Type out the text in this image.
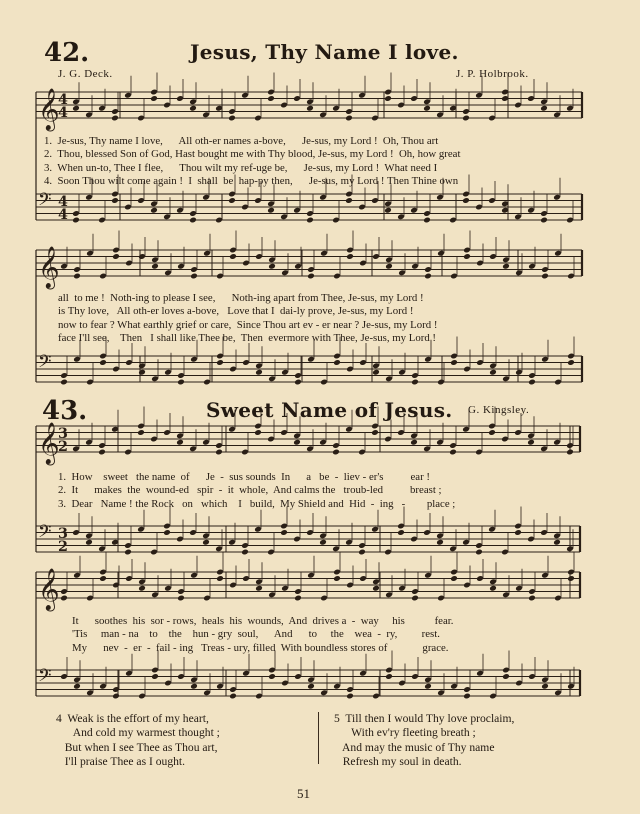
42.	Jesus, Thy Name I love.
J. G. Deck.	J. P. Holbrook.
𝄞
4
4
𝄢 4
4
𝄞
𝄢
𝄞
3
2
𝄢 3
2
𝄞
𝄢
1.  Je-sus, Thy name I love,      All oth-er names a-bove,      Je-sus, my Lord !  Oh, Thou art
2.  Thou, blessed Son of God, Hast bought me with Thy blood, Je-sus, my Lord !  Oh, how great
3.  When un-to, Thee I flee,      Thou wilt my ref-uge be,      Je-sus, my Lord !  What need I
4.  Soon Thou wilt come again !  I  shall  be  hap-py then,      Je-sus, my Lord ! Then Thine own
all  to me !  Noth-ing to please I see,      Noth-ing apart from Thee, Je-sus, my Lord !
is Thy love,   All oth-er loves a-bove,   Love that I  dai-ly prove, Je-sus, my Lord !
now to fear ? What earthly grief or care,  Since Thou art ev - er near ? Je-sus, my Lord !
face I'll see,    Then   I shall like Thee be,  Then  evermore with Thee, Je-sus, my Lord !
43.	Sweet Name of Jesus. G. Kingsley.
1.  How    sweet   the name  of      Je  -  sus sounds  In      a   be  -  liev - er's          ear !
2.  It      makes  the  wound-ed   spir  -  it  whole,  And calms the   troub-led          breast ;
3.  Dear   Name ! the Rock   on   which    I   build,  My Shield and  Hid  -  ing   -        place ;
It      soothes  his  sor - rows,  heals  his  wounds,  And  drives a  -  way     his           fear.
'Tis     man - na    to    the    hun - gry  soul,      And      to     the    wea  -  ry,         rest.
My      nev  -  er  -  fail - ing   Treas - ury, filled  With boundless stores of             grace.
4  Weak is the effort of my heart,
And cold my warmest thought ;
But when I see Thee as Thou art,
I'll praise Thee as I ought.
5  Till then I would Thy love proclaim,
With ev'ry fleeting breath ;
And may the music of Thy name
Refresh my soul in death.
51
